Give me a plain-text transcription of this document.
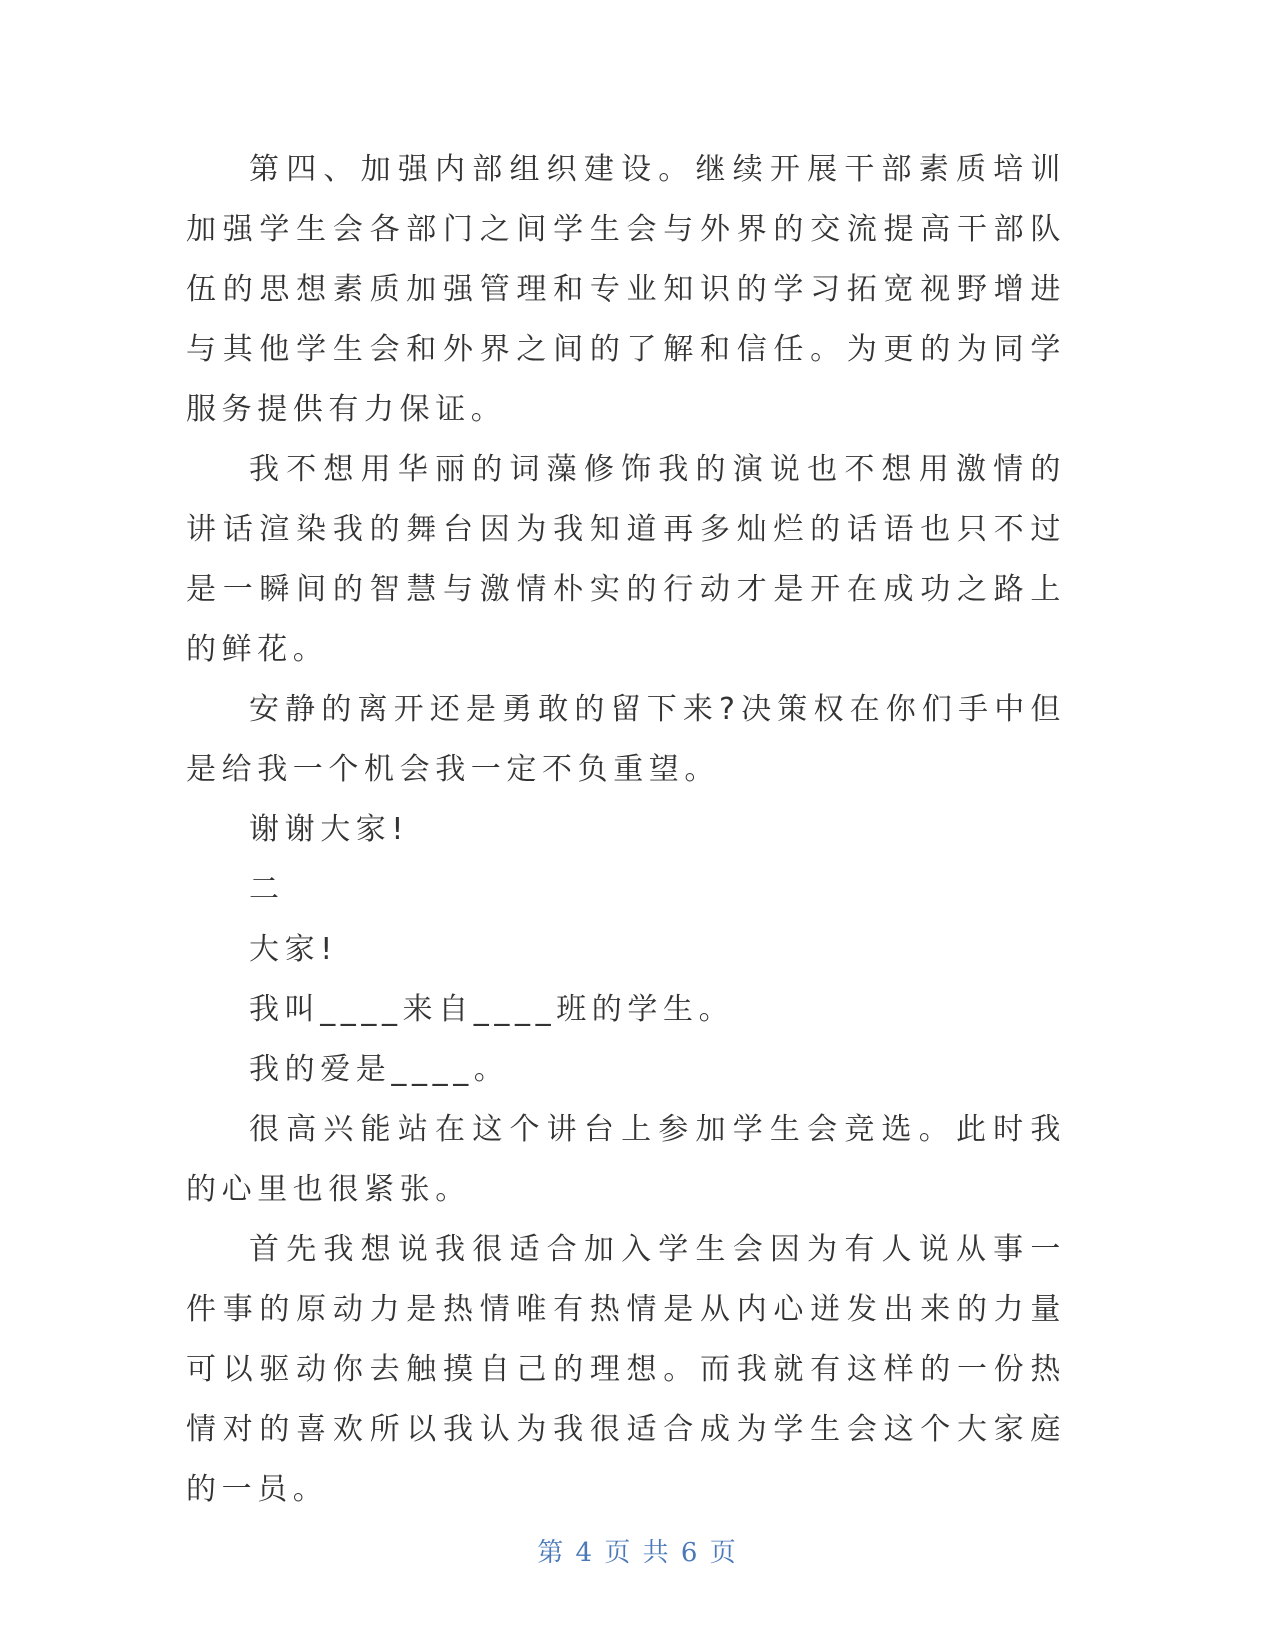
第四、加强内部组织建设。继续开展干部素质培训加强学生会各部门之间学生会与外界的交流提高干部队伍的思想素质加强管理和专业知识的学习拓宽视野增进与其他学生会和外界之间的了解和信任。为更的为同学服务提供有力保证。

我不想用华丽的词藻修饰我的演说也不想用激情的讲话渲染我的舞台因为我知道再多灿烂的话语也只不过是一瞬间的智慧与激情朴实的行动才是开在成功之路上的鲜花。

安静的离开还是勇敢的留下来?决策权在你们手中但是给我一个机会我一定不负重望。

谢谢大家!

二

大家!

我叫____来自____班的学生。

我的爱是____。

很高兴能站在这个讲台上参加学生会竞选。此时我的心里也很紧张。

首先我想说我很适合加入学生会因为有人说从事一件事的原动力是热情唯有热情是从内心迸发出来的力量可以驱动你去触摸自己的理想。而我就有这样的一份热情对的喜欢所以我认为我很适合成为学生会这个大家庭的一员。

第 4 页 共 6 页
